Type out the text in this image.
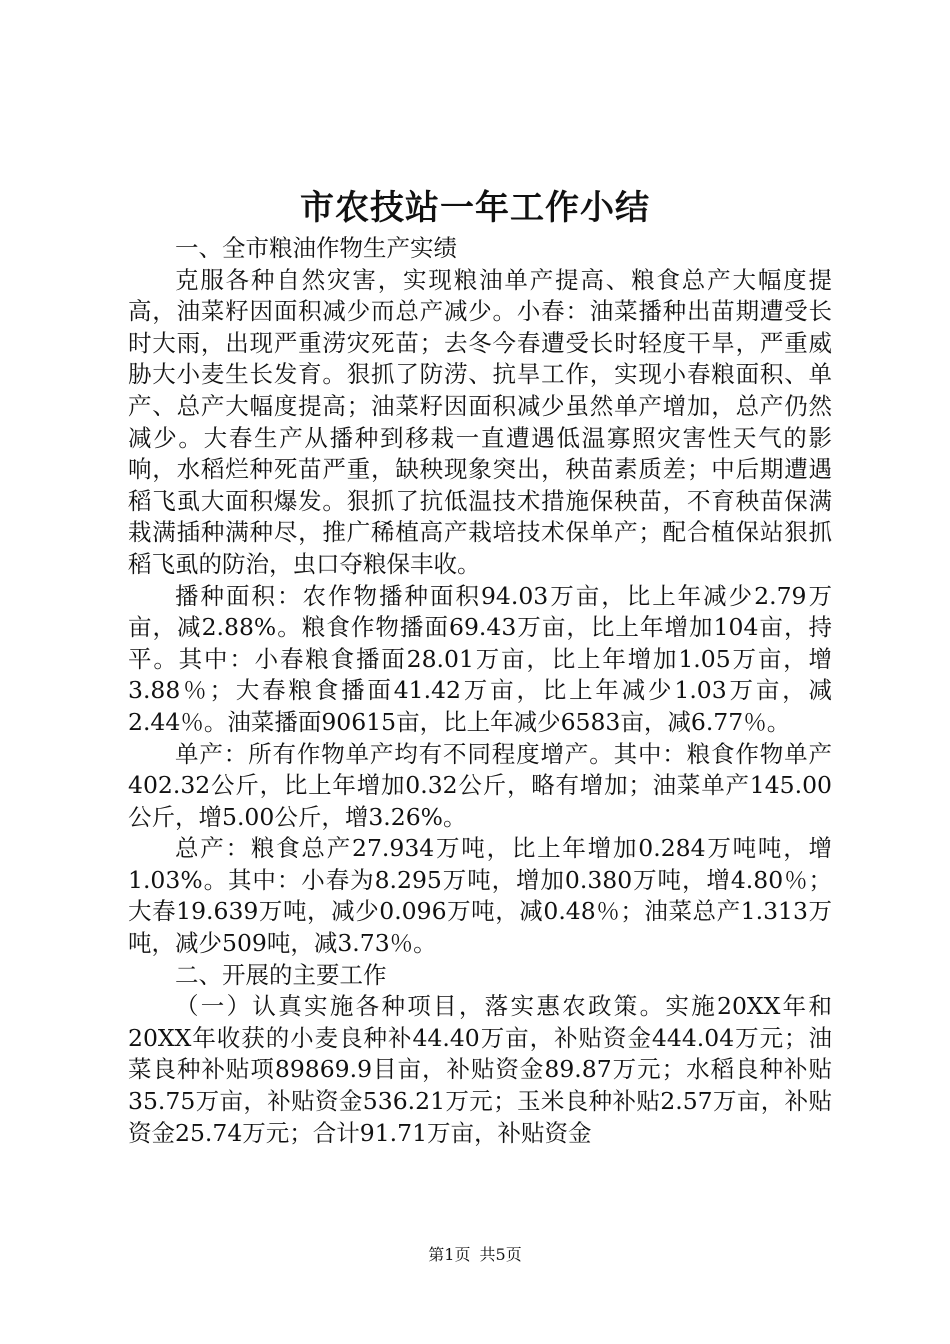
市农技站一年工作小结

一、全市粮油作物生产实绩

克服各种自然灾害，实现粮油单产提高、粮食总产大幅度提高，油菜籽因面积减少而总产减少。小春：油菜播种出苗期遭受长时大雨，出现严重涝灾死苗；去冬今春遭受长时轻度干旱，严重威胁大小麦生长发育。狠抓了防涝、抗旱工作，实现小春粮面积、单产、总产大幅度提高；油菜籽因面积减少虽然单产增加，总产仍然减少。大春生产从播种到移栽一直遭遇低温寡照灾害性天气的影响，水稻烂种死苗严重，缺秧现象突出，秧苗素质差；中后期遭遇稻飞虱大面积爆发。狠抓了抗低温技术措施保秧苗，不育秧苗保满栽满插种满种尽，推广稀植高产栽培技术保单产；配合植保站狠抓稻飞虱的防治，虫口夺粮保丰收。

播种面积：农作物播种面积94.03万亩，比上年减少2.79万亩，减2.88%。粮食作物播面69.43万亩，比上年增加104亩，持平。其中：小春粮食播面28.01万亩，比上年增加1.05万亩，增3.88％；大春粮食播面41.42万亩，比上年减少1.03万亩，减2.44％。油菜播面90615亩，比上年减少6583亩，减6.77％。

单产：所有作物单产均有不同程度增产。其中：粮食作物单产402.32公斤，比上年增加0.32公斤，略有增加；油菜单产145.00公斤，增5.00公斤，增3.26%。

总产：粮食总产27.934万吨，比上年增加0.284万吨吨，增1.03%。其中：小春为8.295万吨，增加0.380万吨，增4.80％；大春19.639万吨，减少0.096万吨，减0.48％；油菜总产1.313万吨，减少509吨，减3.73％。

二、开展的主要工作

（一）认真实施各种项目，落实惠农政策。实施20XX年和20XX年收获的小麦良种补44.40万亩，补贴资金444.04万元；油菜良种补贴项89869.9目亩，补贴资金89.87万元；水稻良种补贴35.75万亩，补贴资金536.21万元；玉米良种补贴2.57万亩，补贴资金25.74万元；合计91.71万亩，补贴资金

第1页 共5页
